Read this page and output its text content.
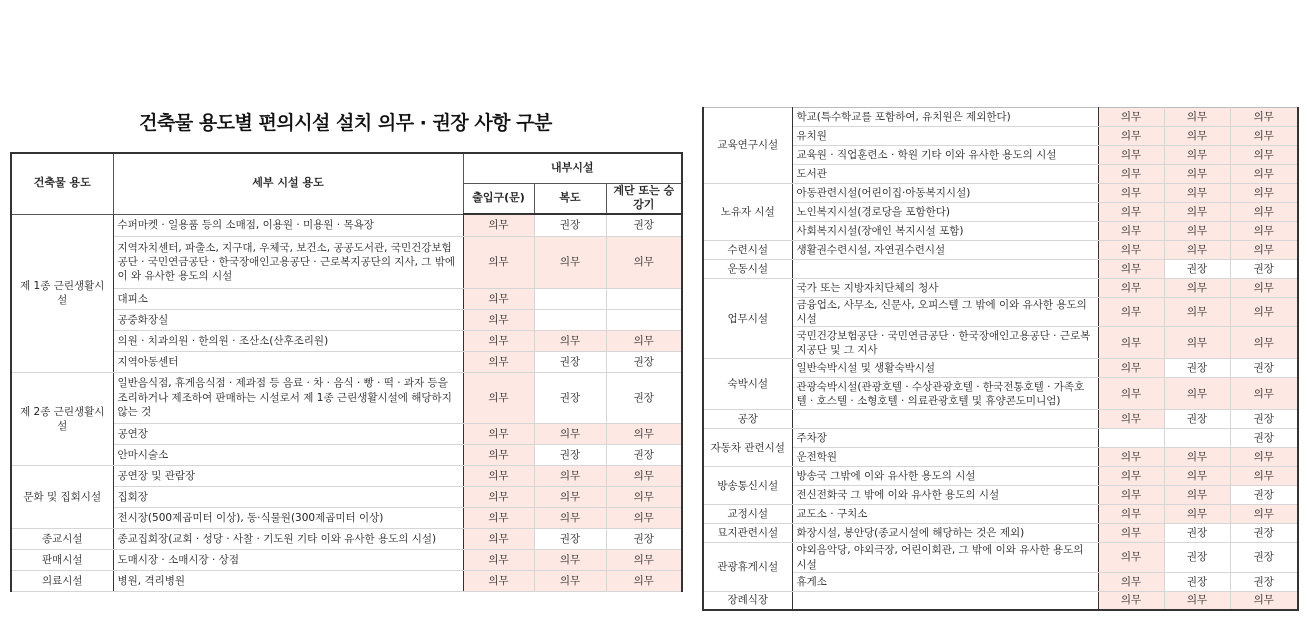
건축물 용도별 편의시설 설치 의무 · 권장 사항 구분
건축물 용도	세부 시설 용도	내부시설		
		출입구(문)	복도	계단 또는 승강기
제 1종 근린생활시설	수퍼마켓 · 일용품 등의 소매점, 이용원 · 미용원 · 목욕장	의무	권장	권장
	지역자치센터, 파출소, 지구대, 우체국, 보건소, 공공도서관, 국민건강보험공단 · 국민연금공단 · 한국장애인고용공단 · 근로복지공단의 지사, 그 밖에 이 와 유사한 용도의 시설	의무	의무	의무
	대피소	의무		
	공중화장실	의무		
	의원 · 치과의원 · 한의원 · 조산소(산후조리원)	의무	의무	의무
	지역아동센터	의무	권장	권장
제 2종 근린생활시설	일반음식점, 휴게음식점 · 제과점 등 음료 · 차 · 음식 · 빵 · 떡 · 과자 등을 조리하거나 제조하여 판매하는 시설로서 제 1종 근린생활시설에 해당하지 않는 것	의무	권장	권장
	공연장	의무	의무	의무
	안마시술소	의무	권장	권장
문화 및 집회시설	공연장 및 관람장	의무	의무	의무
	집회장	의무	의무	의무
	전시장(500제곱미터 이상), 동·식물원(300제곱미터 이상)	의무	의무	의무
종교시설	종교집회장(교회 · 성당 · 사찰 · 기도원 기타 이와 유사한 용도의 시설)	의무	권장	권장
판매시설	도매시장 · 소매시장 · 상점	의무	의무	의무
의료시설	병원, 격리병원	의무	의무	의무
교육연구시설	학교(특수학교를 포함하여, 유치원은 제외한다)	의무	의무	의무
	유치원	의무	의무	의무
	교육원 · 직업훈련소 · 학원 기타 이와 유사한 용도의 시설	의무	의무	의무
	도서관	의무	의무	의무
노유자 시설	아동관련시설(어린이집·아동복지시설)	의무	의무	의무
	노인복지시설(경로당을 포함한다)	의무	의무	의무
	사회복지시설(장애인 복지시설 포함)	의무	의무	의무
수련시설	생활권수련시설, 자연권수련시설	의무	의무	의무
운동시설		의무	권장	권장
업무시설	국가 또는 지방자치단체의 청사	의무	의무	의무
	금융업소, 사무소, 신문사, 오피스텔 그 밖에 이와 유사한 용도의 시설	의무	의무	의무
	국민건강보험공단 · 국민연금공단 · 한국장애인고용공단 · 근로복지공단 및 그 지사	의무	의무	의무
숙박시설	일반숙박시설 및 생활숙박시설	의무	권장	권장
	관광숙박시설(관광호텔 · 수상관광호텔 · 한국전통호텔 · 가족호텔 · 호스텔 · 소형호텔 · 의료관광호텔 및 휴양콘도미니엄)	의무	의무	의무
공장		의무	권장	권장
자동차 관련시설	주차장			권장
	운전학원	의무	의무	의무
방송통신시설	방송국 그밖에 이와 유사한 용도의 시설	의무	의무	의무
	전신전화국 그 밖에 이와 유사한 용도의 시설	의무	의무	권장
교정시설	교도소 · 구치소	의무	의무	의무
묘지관련시설	화장시설, 봉안당(종교시설에 해당하는 것은 제외)	의무	권장	권장
관광휴게시설	야외음악당, 야외극장, 어린이회관, 그 밖에 이와 유사한 용도의 시설	의무	권장	권장
	휴게소	의무	권장	권장
장례식장		의무	의무	의무
